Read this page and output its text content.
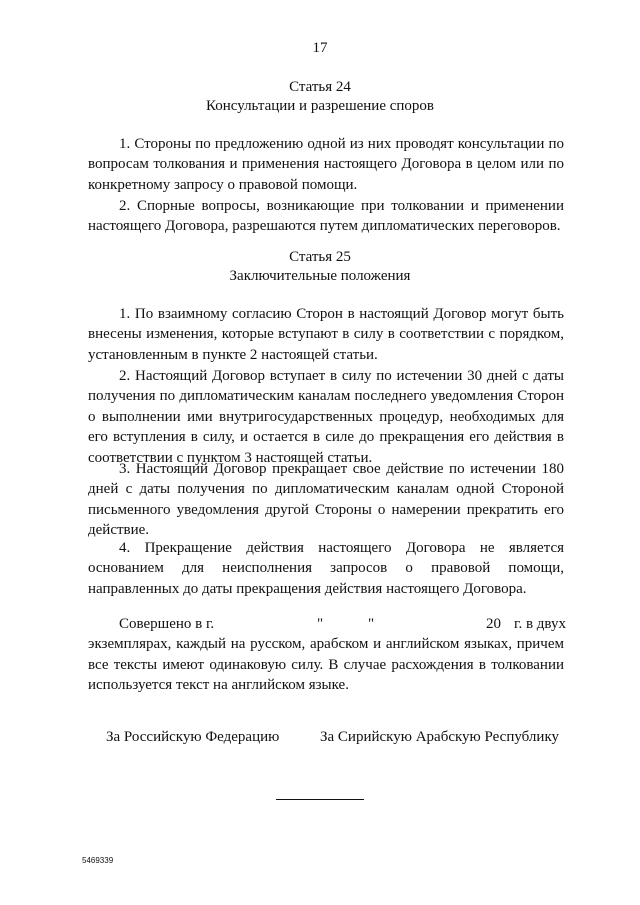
17
Статья 24
Консультации и разрешение споров

1. Стороны по предложению одной из них проводят консультации по вопросам толкования и применения настоящего Договора в целом или по конкретному запросу о правовой помощи.

2. Спорные вопросы, возникающие при толковании и применении настоящего Договора, разрешаются путем дипломатических переговоров.

Статья 25
Заключительные положения

1. По взаимному согласию Сторон в настоящий Договор могут быть внесены изменения, которые вступают в силу в соответствии с порядком, установленным в пункте 2 настоящей статьи.

2. Настоящий Договор вступает в силу по истечении 30 дней с даты получения по дипломатическим каналам последнего уведомления Сторон о выполнении ими внутригосударственных процедур, необходимых для его вступления в силу, и остается в силе до прекращения его действия в соответствии с пунктом 3 настоящей статьи.

3. Настоящий Договор прекращает свое действие по истечении 180 дней с даты получения по дипломатическим каналам одной Стороной письменного уведомления другой Стороны о намерении прекратить его действие.

4. Прекращение действия настоящего Договора не является основанием для неисполнения запросов о правовой помощи, направленных до даты прекращения действия настоящего Договора.

Совершено в г.	"	"	20 г. в двух
экземплярах, каждый на русском, арабском и английском языках, причем все тексты имеют одинаковую силу. В случае расхождения в толковании используется текст на английском языке.
За Российскую Федерацию	За Сирийскую Арабскую Республику
5469339
